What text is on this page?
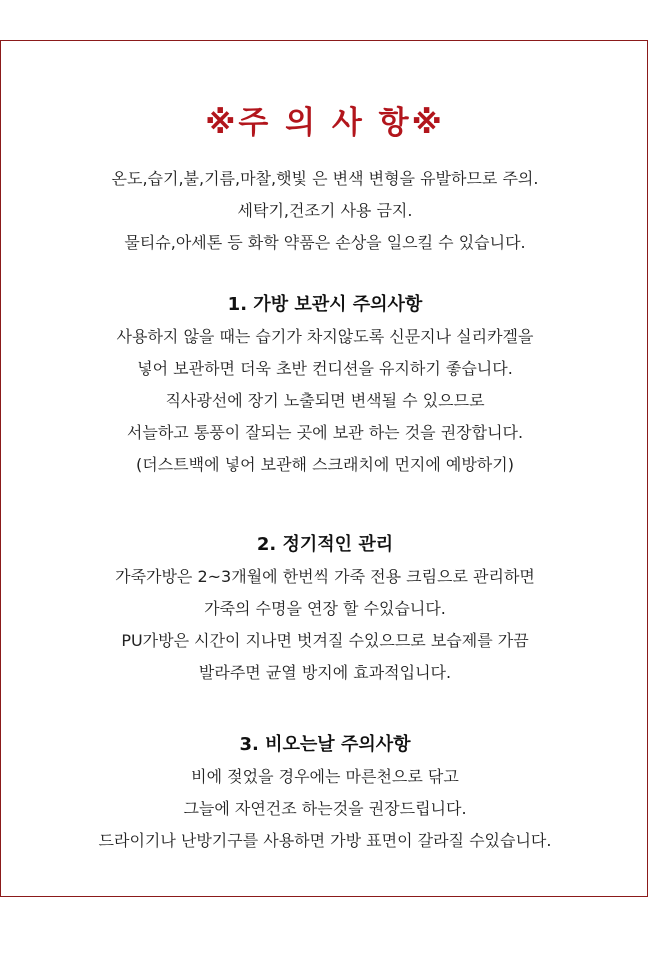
※주 의 사 항※
온도,습기,불,기름,마찰,햇빛 은 변색 변형을 유발하므로 주의.
세탁기,건조기 사용 금지.
물티슈,아세톤 등 화학 약품은 손상을 일으킬 수 있습니다.
1. 가방 보관시 주의사항
사용하지 않을 때는 습기가 차지않도록 신문지나 실리카겔을
넣어 보관하면 더욱 초반 컨디션을 유지하기 좋습니다.
직사광선에 장기 노출되면 변색될 수 있으므로
서늘하고 통풍이 잘되는 곳에 보관 하는 것을 권장합니다.
(더스트백에 넣어 보관해 스크래치에 먼지에 예방하기)
2. 정기적인 관리
가죽가방은 2~3개월에 한번씩 가죽 전용 크림으로 관리하면
가죽의 수명을 연장 할 수있습니다.
PU가방은 시간이 지나면 벗겨질 수있으므로 보습제를 가끔
발라주면 균열 방지에 효과적입니다.
3. 비오는날 주의사항
비에 젖었을 경우에는 마른천으로 닦고
그늘에 자연건조 하는것을 권장드립니다.
드라이기나 난방기구를 사용하면 가방 표면이 갈라질 수있습니다.
